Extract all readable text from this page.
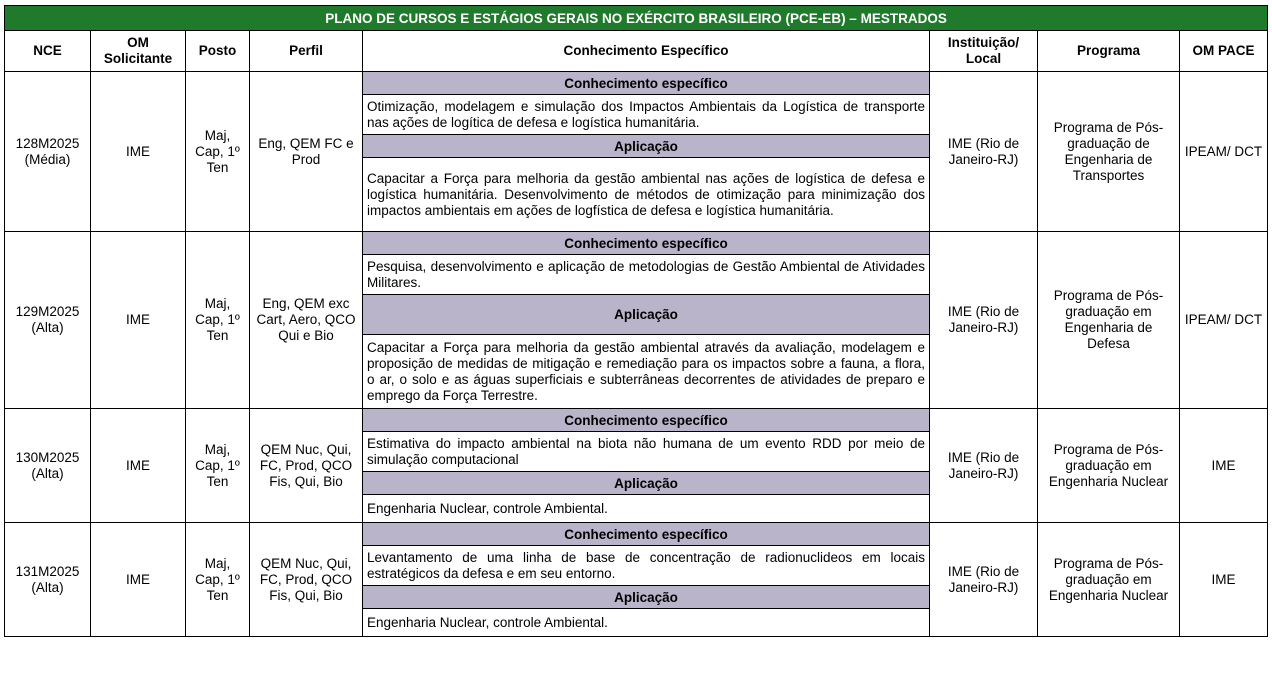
PLANO DE CURSOS E ESTÁGIOS GERAIS NO EXÉRCITO BRASILEIRO (PCE-EB) – MESTRADOS							
NCE	OM Solicitante	Posto	Perfil	Conhecimento Específico	Instituição/ Local	Programa	OM PACE
128M2025 (Média)	IME	Maj, Cap, 1º Ten	Eng, QEM FC e Prod	Conhecimento específico	IME (Rio de Janeiro-RJ)	Programa de Pós-graduação de Engenharia de Transportes	IPEAM/ DCT
				Otimização, modelagem e simulação dos Impactos Ambientais da Logística de transporte nas ações de logítica de defesa e logística humanitária.			
				Aplicação			
				Capacitar a Força para melhoria da gestão ambiental nas ações de logística de defesa e logística humanitária. Desenvolvimento de métodos de otimização para minimização dos impactos ambientais em ações de logfística de defesa e logística humanitária.			
129M2025 (Alta)	IME	Maj, Cap, 1º Ten	Eng, QEM exc Cart, Aero, QCO Qui e Bio	Conhecimento específico	IME (Rio de Janeiro-RJ)	Programa de Pós-graduação em Engenharia de Defesa	IPEAM/ DCT
				Pesquisa, desenvolvimento e aplicação de metodologias de Gestão Ambiental de Atividades Militares.			
				Aplicação			
				Capacitar a Força para melhoria da gestão ambiental através da avaliação, modelagem e proposição de medidas de mitigação e remediação para os impactos sobre a fauna, a flora, o ar, o solo e as águas superficiais e subterrâneas decorrentes de atividades de preparo e emprego da Força Terrestre.			
130M2025 (Alta)	IME	Maj, Cap, 1º Ten	QEM Nuc, Qui, FC, Prod, QCO Fis, Qui, Bio	Conhecimento específico	IME (Rio de Janeiro-RJ)	Programa de Pós-graduação em Engenharia Nuclear	IME
				Estimativa do impacto ambiental na biota não humana de um evento RDD por meio de simulação computacional			
				Aplicação			
				Engenharia Nuclear, controle Ambiental.			
131M2025 (Alta)	IME	Maj, Cap, 1º Ten	QEM Nuc, Qui, FC, Prod, QCO Fis, Qui, Bio	Conhecimento específico	IME (Rio de Janeiro-RJ)	Programa de Pós-graduação em Engenharia Nuclear	IME
				Levantamento de uma linha de base de concentração de radionuclideos em locais estratégicos da defesa e em seu entorno.			
				Aplicação			
				Engenharia Nuclear, controle Ambiental.			
